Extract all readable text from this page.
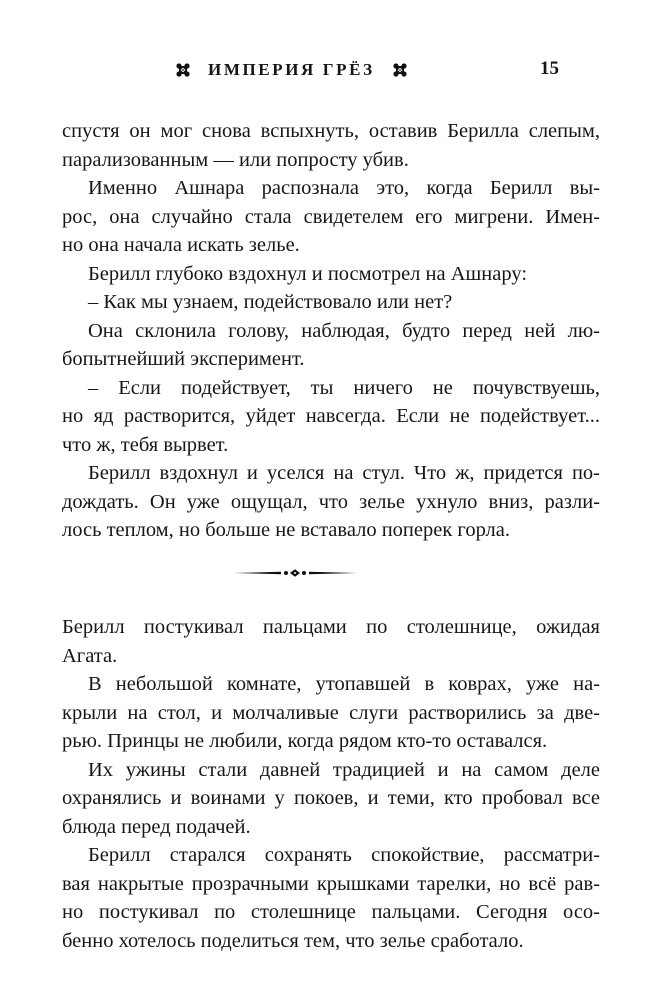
ИМПЕРИЯ ГРЁЗ	15
спустя он мог снова вспыхнуть, оставив Берилла слепым,
парализованным — или попросту убив.
Именно Ашнара распознала это, когда Берилл вы-
рос, она случайно стала свидетелем его мигрени. Имен-
но она начала искать зелье.
Берилл глубоко вздохнул и посмотрел на Ашнару:
– Как мы узнаем, подействовало или нет?
Она склонила голову, наблюдая, будто перед ней лю-
бопытнейший эксперимент.
– Если подействует, ты ничего не почувствуешь,
но яд растворится, уйдет навсегда. Если не подействует...
что ж, тебя вырвет.
Берилл вздохнул и уселся на стул. Что ж, придется по-
дождать. Он уже ощущал, что зелье ухнуло вниз, разли-
лось теплом, но больше не вставало поперек горла.
Берилл постукивал пальцами по столешнице, ожидая
Агата.
В небольшой комнате, утопавшей в коврах, уже на-
крыли на стол, и молчаливые слуги растворились за две-
рью. Принцы не любили, когда рядом кто-то оставался.
Их ужины стали давней традицией и на самом деле
охранялись и воинами у покоев, и теми, кто пробовал все
блюда перед подачей.
Берилл старался сохранять спокойствие, рассматри-
вая накрытые прозрачными крышками тарелки, но всё рав-
но постукивал по столешнице пальцами. Сегодня осо-
бенно хотелось поделиться тем, что зелье сработало.
